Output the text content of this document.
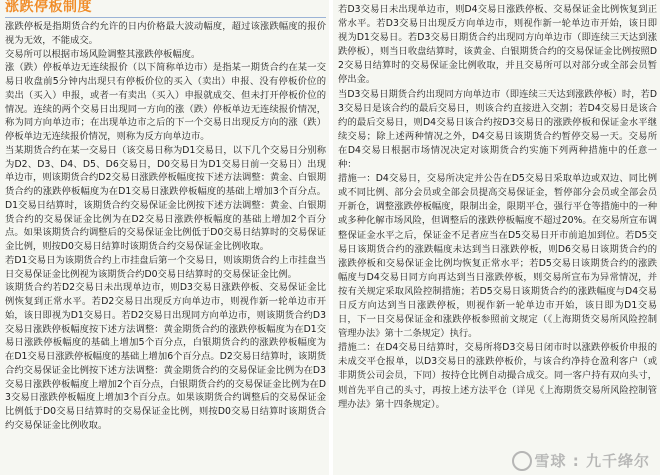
涨跌停板制度

涨跌停板是指期货合约允许的日内价格最大波动幅度，超过该涨跌幅度的报价视为无效，不能成交。

交易所可以根据市场风险调整其涨跌停板幅度。

涨（跌）停板单边无连续报价（以下简称单边市）是指某一期货合约在某一交易日收盘前5分钟内出现只有停板价位的买入（卖出）申报、没有停板价位的卖出（买入）申报，或者一有卖出（买入）申报就成交、但未打开停板价位的情况。连续的两个交易日出现同一方向的涨（跌）停板单边无连续报价情况，称为同方向单边市；在出现单边市之后的下一个交易日出现反方向的涨（跌）停板单边无连续报价情况，则称为反方向单边市。

当某期货合约在某一交易日（该交易日称为D1交易日，以下几个交易日分别称为D2、D3、D4、D5、D6交易日，D0交易日为D1交易日前一交易日）出现单边市，则该期货合约D2交易日涨跌停板幅度按下述方法调整：黄金、白银期货合约的涨跌停板幅度为在D1交易日涨跌停板幅度的基础上增加3个百分点。D1交易日结算时，该期货合约交易保证金比例按下述方法调整：黄金、白银期货合约的交易保证金比例为在D2交易日涨跌停板幅度的基础上增加2个百分点。如果该期货合约调整后的交易保证金比例低于D0交易日结算时的交易保证金比例，则按D0交易日结算时该期货合约交易保证金比例收取。

若D1交易日为该期货合约上市挂盘后第一个交易日，则该期货合约上市挂盘当日交易保证金比例视为该期货合约D0交易日结算时的交易保证金比例。

该期货合约若D2交易日未出现单边市，则D3交易日涨跌停板、交易保证金比例恢复到正常水平。若D2交易日出现反方向单边市，则视作新一轮单边市开始，该日即视为D1交易日。若D2交易日出现同方向单边市，则该期货合约D3交易日涨跌停板幅度按下述方法调整：黄金期货合约的涨跌停板幅度为在D1交易日涨跌停板幅度的基础上增加5个百分点，白银期货合约的涨跌停板幅度为在D1交易日涨跌停板幅度的基础上增加6个百分点。D2交易日结算时，该期货合约交易保证金比例按下述方法调整：黄金期货合约的交易保证金比例为在D3交易日涨跌停板幅度上增加2个百分点，白银期货合约的交易保证金比例为在D3交易日涨跌停板幅度上增加3个百分点。如果该期货合约调整后的交易保证金比例低于D0交易日结算时的交易保证金比例，则按D0交易日结算时该期货合约交易保证金比例收取。

若D3交易日未出现单边市，则D4交易日涨跌停板、交易保证金比例恢复到正常水平。若D3交易日出现反方向单边市，则视作新一轮单边市开始，该日即视为D1交易日。若D3交易日期货合约出现同方向单边市（即连续三天达到涨跌停板），则当日收盘结算时，该黄金、白银期货合约的交易保证金比例按照D2交易日结算时的交易保证金比例收取，并且交易所可以对部分或全部会员暂停出金。

当D3交易日期货合约出现同方向单边市（即连续三天达到涨跌停板）时，若D3交易日是该合约的最后交易日，则该合约直接进入交割；若D4交易日是该合约的最后交易日，则D4交易日该合约按D3交易日的涨跌停板和保证金水平继续交易；除上述两种情况之外，D4交易日该期货合约暂停交易一天。交易所在D4交易日根据市场情况决定对该期货合约实施下列两种措施中的任意一种：

措施一：D4交易日，交易所决定并公告在D5交易日采取单边或双边、同比例或不同比例、部分会员或全部会员提高交易保证金，暂停部分会员或全部会员开新仓，调整涨跌停板幅度，限制出金，限期平仓，强行平仓等措施中的一种或多种化解市场风险，但调整后的涨跌停板幅度不超过20%。在交易所宣布调整保证金水平之后，保证金不足者应当在D5交易日开市前追加到位。若D5交易日该期货合约的涨跌幅度未达到当日涨跌停板，则D6交易日该期货合约的涨跌停板和交易保证金比例均恢复正常水平；若D5交易日该期货合约的涨跌幅度与D4交易日同方向再达到当日涨跌停板，则交易所宣布为异常情况，并按有关规定采取风险控制措施；若D5交易日该期货合约的涨跌幅度与D4交易日反方向达到当日涨跌停板，则视作新一轮单边市开始，该日即为D1交易日，下一日交易保证金和涨跌停板参照前文规定（《上海期货交易所风险控制管理办法》第十二条规定）执行。

措施二：在D4交易日结算时，交易所将D3交易日闭市时以涨跌停板价申报的未成交平仓报单，以D3交易日的涨跌停板价，与该合约净持仓盈利客户（或非期货公司会员，下同）按持仓比例自动撮合成交。同一客户持有双向头寸，则首先平自己的头寸，再按上述方法平仓（详见《上海期货交易所风险控制管理办法》第十四条规定）。

雪球 : 九千绛尔
